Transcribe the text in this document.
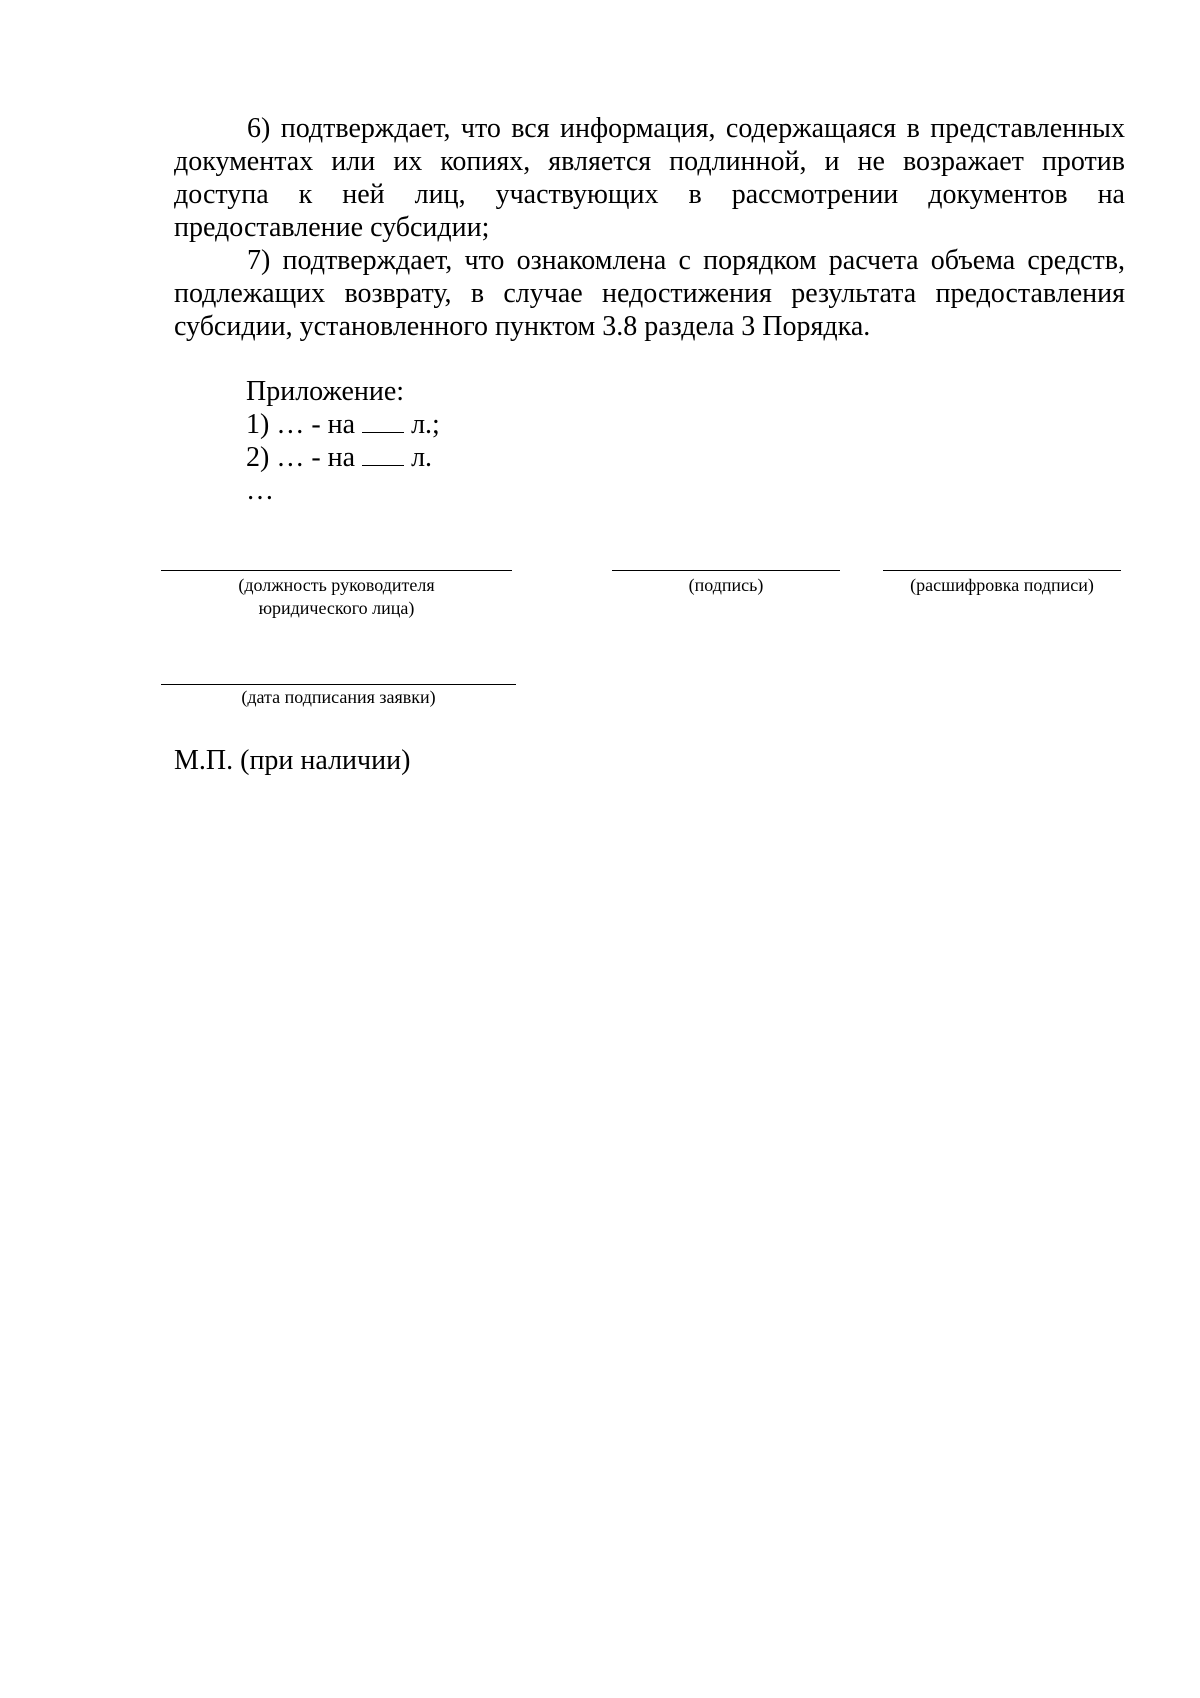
6) подтверждает, что вся информация, содержащаяся в представленных документах или их копиях, является подлинной, и не возражает против доступа к ней лиц, участвующих в рассмотрении документов на предоставление субсидии;

7) подтверждает, что ознакомлена с порядком расчета объема средств, подлежащих возврату, в случае недостижения результата предоставления субсидии, установленного пунктом 3.8 раздела 3 Порядка.

Приложение:
1) … - на  л.;
2) … - на  л.
…
(должность руководителя
юридического лица)
(подпись)	(расшифровка подписи)
(дата подписания заявки)
М.П. (при наличии)
